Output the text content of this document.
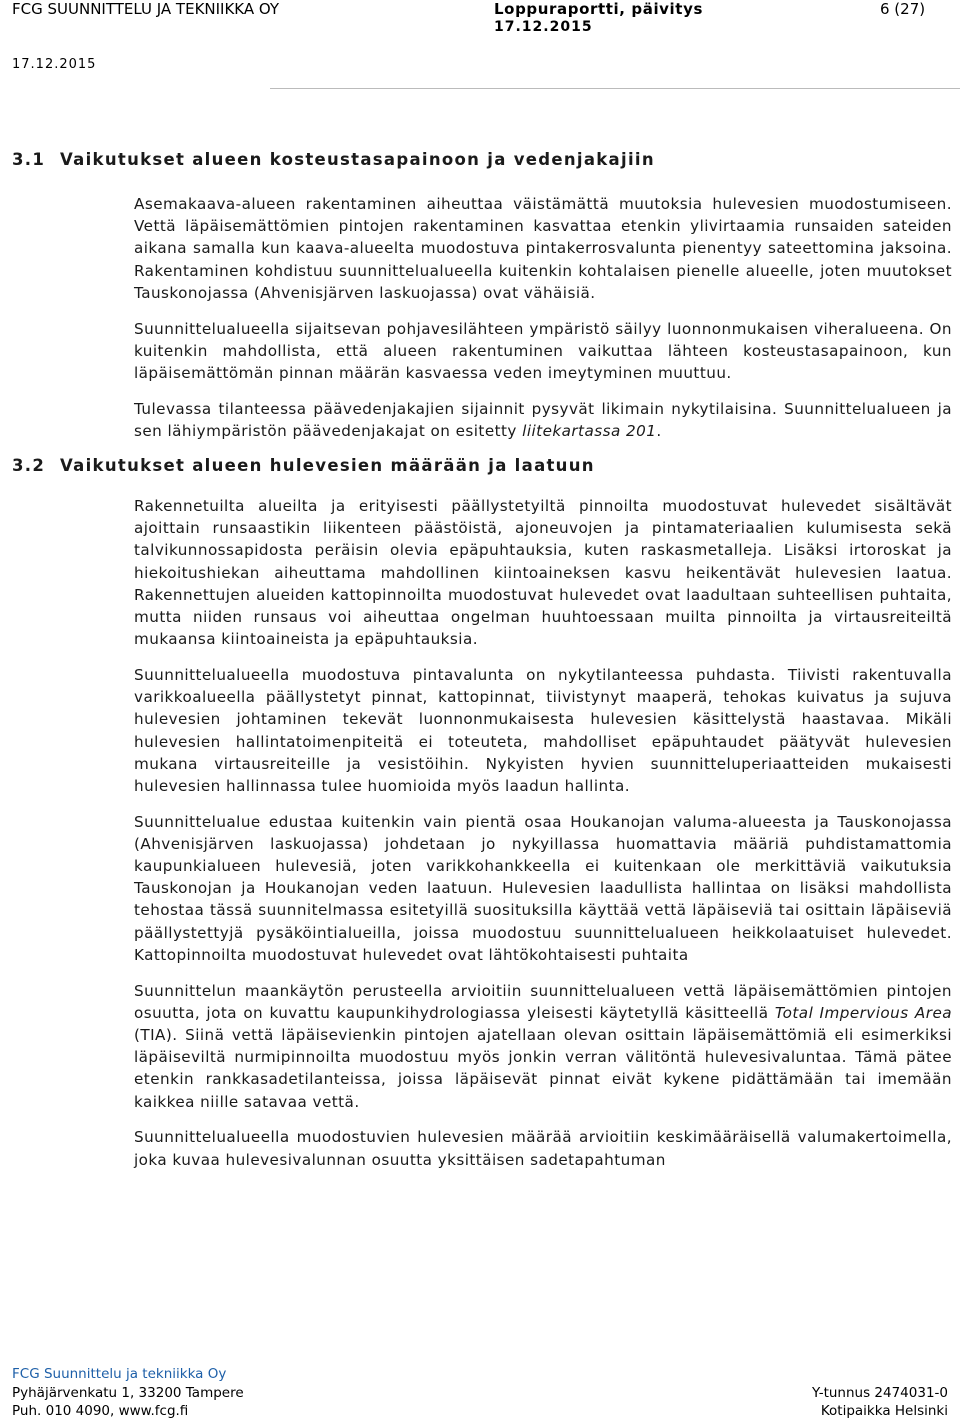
FCG SUUNNITTELU JA TEKNIIKKA OY	Loppuraportti, päivitys
17.12.2015
6 (27)
17.12.2015
3.1 Vaikutukset alueen kosteustasapainoon ja vedenjakajiin

Asemakaava-alueen rakentaminen aiheuttaa väistämättä muutoksia hulevesien muodostumiseen. Vettä läpäisemättömien pintojen rakentaminen kasvattaa etenkin ylivirtaamia runsaiden sateiden aikana samalla kun kaava-alueelta muodostuva pintakerrosvalunta pienentyy sateettomina jaksoina. Rakentaminen kohdistuu suunnittelualueella kuitenkin kohtalaisen pienelle alueelle, joten muutokset Tauskonojassa (Ahvenisjärven laskuojassa) ovat vähäisiä.

Suunnittelualueella sijaitsevan pohjavesilähteen ympäristö säilyy luonnonmukaisen viheralueena. On kuitenkin mahdollista, että alueen rakentuminen vaikuttaa lähteen kosteustasapainoon, kun läpäisemättömän pinnan määrän kasvaessa veden imeytyminen muuttuu.

Tulevassa tilanteessa päävedenjakajien sijainnit pysyvät likimain nykytilaisina. Suunnittelualueen ja sen lähiympäristön päävedenjakajat on esitetty liitekartassa 201.

3.2 Vaikutukset alueen hulevesien määrään ja laatuun

Rakennetuilta alueilta ja erityisesti päällystetyiltä pinnoilta muodostuvat hulevedet sisältävät ajoittain runsaastikin liikenteen päästöistä, ajoneuvojen ja pintamateriaalien kulumisesta sekä talvikunnossapidosta peräisin olevia epäpuhtauksia, kuten raskasmetalleja. Lisäksi irtoroskat ja hiekoitushiekan aiheuttama mahdollinen kiintoaineksen kasvu heikentävät hulevesien laatua. Rakennettujen alueiden kattopinnoilta muodostuvat hulevedet ovat laadultaan suhteellisen puhtaita, mutta niiden runsaus voi aiheuttaa ongelman huuhtoessaan muilta pinnoilta ja virtausreiteiltä mukaansa kiintoaineista ja epäpuhtauksia.

Suunnittelualueella muodostuva pintavalunta on nykytilanteessa puhdasta. Tiivisti rakentuvalla varikkoalueella päällystetyt pinnat, kattopinnat, tiivistynyt maaperä, tehokas kuivatus ja sujuva hulevesien johtaminen tekevät luonnonmukaisesta hulevesien käsittelystä haastavaa. Mikäli hulevesien hallintatoimenpiteitä ei toteuteta, mahdolliset epäpuhtaudet päätyvät hulevesien mukana virtausreiteille ja vesistöihin. Nykyisten hyvien suunnitteluperiaatteiden mukaisesti hulevesien hallinnassa tulee huomioida myös laadun hallinta.

Suunnittelualue edustaa kuitenkin vain pientä osaa Houkanojan valuma-alueesta ja Tauskonojassa (Ahvenisjärven laskuojassa) johdetaan jo nykyillassa huomattavia määriä puhdistamattomia kaupunkialueen hulevesiä, joten varikkohankkeella ei kuitenkaan ole merkittäviä vaikutuksia Tauskonojan ja Houkanojan veden laatuun. Hulevesien laadullista hallintaa on lisäksi mahdollista tehostaa tässä suunnitelmassa esitetyillä suosituksilla käyttää vettä läpäiseviä tai osittain läpäiseviä päällystettyjä pysäköintialueilla, joissa muodostuu suunnittelualueen heikkolaatuiset hulevedet. Kattopinnoilta muodostuvat hulevedet ovat lähtökohtaisesti puhtaita

Suunnittelun maankäytön perusteella arvioitiin suunnittelualueen vettä läpäisemättömien pintojen osuutta, jota on kuvattu kaupunkihydrologiassa yleisesti käytetyllä käsitteellä Total Impervious Area (TIA). Siinä vettä läpäisevienkin pintojen ajatellaan olevan osittain läpäisemättömiä eli esimerkiksi läpäiseviltä nurmipinnoilta muodostuu myös jonkin verran välitöntä hulevesivaluntaa. Tämä pätee etenkin rankkasadetilanteissa, joissa läpäisevät pinnat eivät kykene pidättämään tai imemään kaikkea niille satavaa vettä.

Suunnittelualueella muodostuvien hulevesien määrää arvioitiin keskimääräisellä valumakertoimella, joka kuvaa hulevesivalunnan osuutta yksittäisen sadetapahtuman

FCG Suunnittelu ja tekniikka Oy
Pyhäjärvenkatu 1, 33200 Tampere
Puh. 010 4090, www.fcg.fi
Y-tunnus 2474031-0
Kotipaikka Helsinki
